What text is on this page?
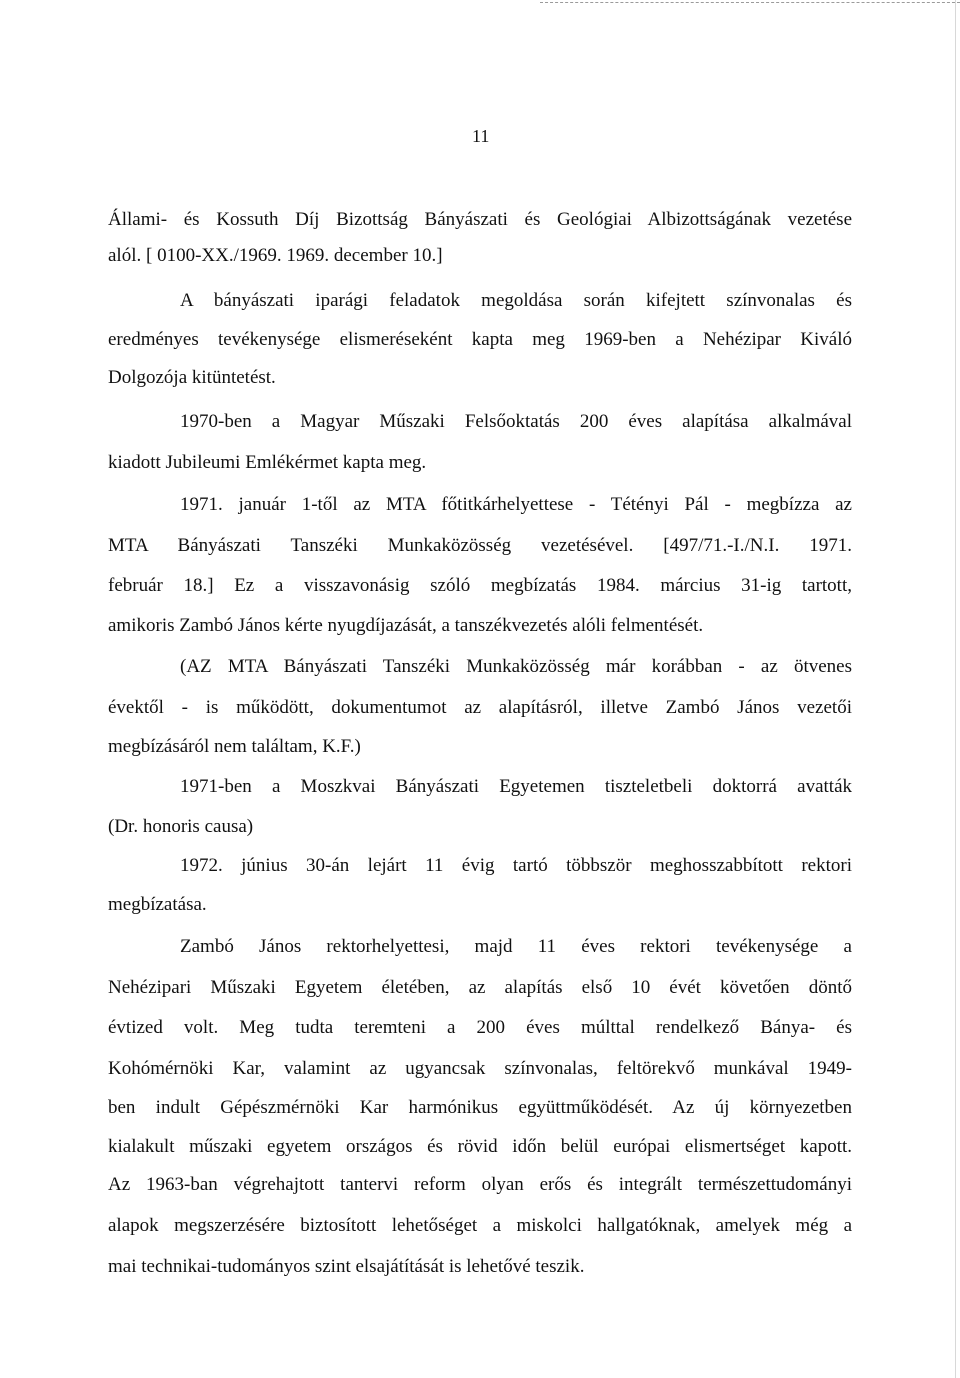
11
Állami- és Kossuth Díj Bizottság Bányászati és Geológiai Albizottságának vezetése
alól. [ 0100-XX./1969. 1969. december 10.]
A bányászati iparági feladatok megoldása során kifejtett színvonalas és
eredményes tevékenysége elismeréseként kapta meg 1969-ben a Nehézipar Kiváló
Dolgozója kitüntetést.
1970-ben a Magyar Műszaki Felsőoktatás 200 éves alapítása alkalmával
kiadott Jubileumi Emlékérmet kapta meg.
1971. január 1-től az MTA főtitkárhelyettese - Tétényi Pál - megbízza az
MTA Bányászati Tanszéki Munkaközösség vezetésével. [497/71.-I./N.I. 1971.
február 18.] Ez a visszavonásig szóló megbízatás 1984. március 31-ig tartott,
amikoris Zambó János kérte nyugdíjazását, a tanszékvezetés alóli felmentését.
(AZ MTA Bányászati Tanszéki Munkaközösség már korábban - az ötvenes
évektől - is működött, dokumentumot az alapításról, illetve Zambó János vezetői
megbízásáról nem találtam, K.F.)
1971-ben a Moszkvai Bányászati Egyetemen tiszteletbeli doktorrá avatták
(Dr. honoris causa)
1972. június 30-án lejárt 11 évig tartó többször meghosszabbított rektori
megbízatása.
Zambó János rektorhelyettesi, majd 11 éves rektori tevékenysége a
Nehézipari Műszaki Egyetem életében, az alapítás első 10 évét követően döntő
évtized volt. Meg tudta teremteni a 200 éves múlttal rendelkező Bánya- és
Kohómérnöki Kar, valamint az ugyancsak színvonalas, feltörekvő munkával 1949-
ben indult Gépészmérnöki Kar harmónikus együttműködését. Az új környezetben
kialakult műszaki egyetem országos és rövid időn belül európai elismertséget kapott.
Az 1963-ban végrehajtott tantervi reform olyan erős és integrált természettudományi
alapok megszerzésére biztosított lehetőséget a miskolci hallgatóknak, amelyek még a
mai technikai-tudományos szint elsajátítását is lehetővé teszik.
